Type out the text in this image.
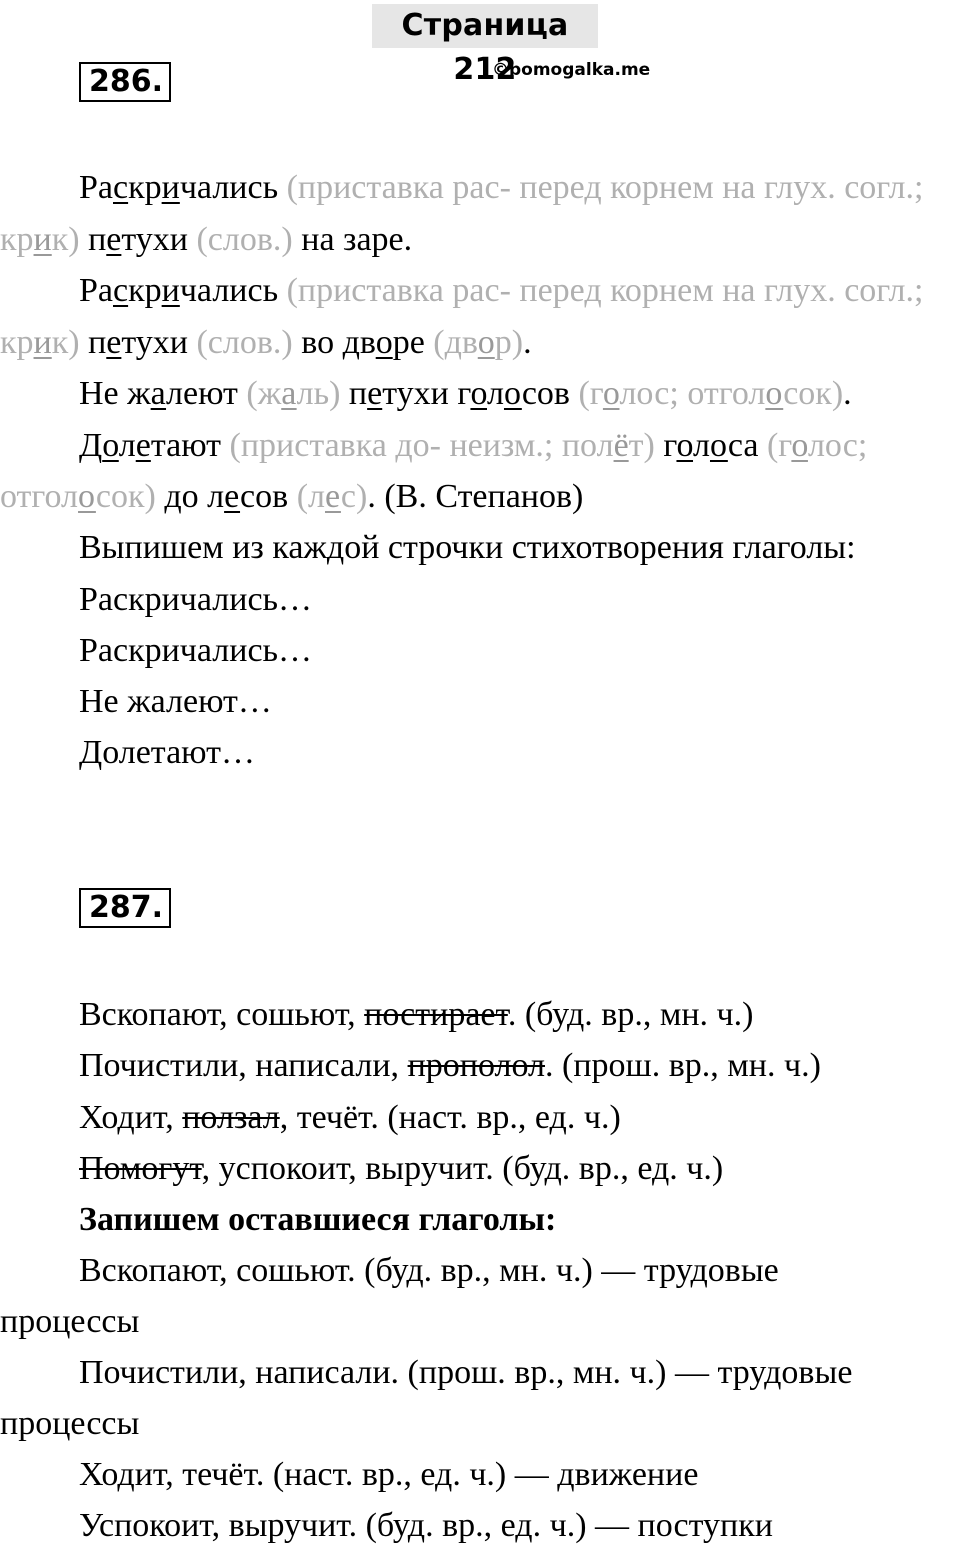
Страница 212
©pomogalka.me
286.
Раскричались (приставка рас- перед корнем на глух. согл.;
крик) петухи (слов.) на заре.
Раскричались (приставка рас- перед корнем на глух. согл.;
крик) петухи (слов.) во дворе (двор).
Не жалеют (жаль) петухи голосов (голос; отголосок).
Долетают (приставка до- неизм.; полёт) голоса (голос;
отголосок) до лесов (лес). (В. Степанов)
Выпишем из каждой строчки стихотворения глаголы:
Раскричались…
Раскричались…
Не жалеют…
Долетают…
287.
Вскопают, сошьют, постирает. (буд. вр., мн. ч.)
Почистили, написали, прополол. (прош. вр., мн. ч.)
Ходит, ползал, течёт. (наст. вр., ед. ч.)
Помогут, успокоит, выручит. (буд. вр., ед. ч.)
Запишем оставшиеся глаголы:
Вскопают, сошьют. (буд. вр., мн. ч.) — трудовые
процессы
Почистили, написали. (прош. вр., мн. ч.) — трудовые
процессы
Ходит, течёт. (наст. вр., ед. ч.) — движение
Успокоит, выручит. (буд. вр., ед. ч.) — поступки
